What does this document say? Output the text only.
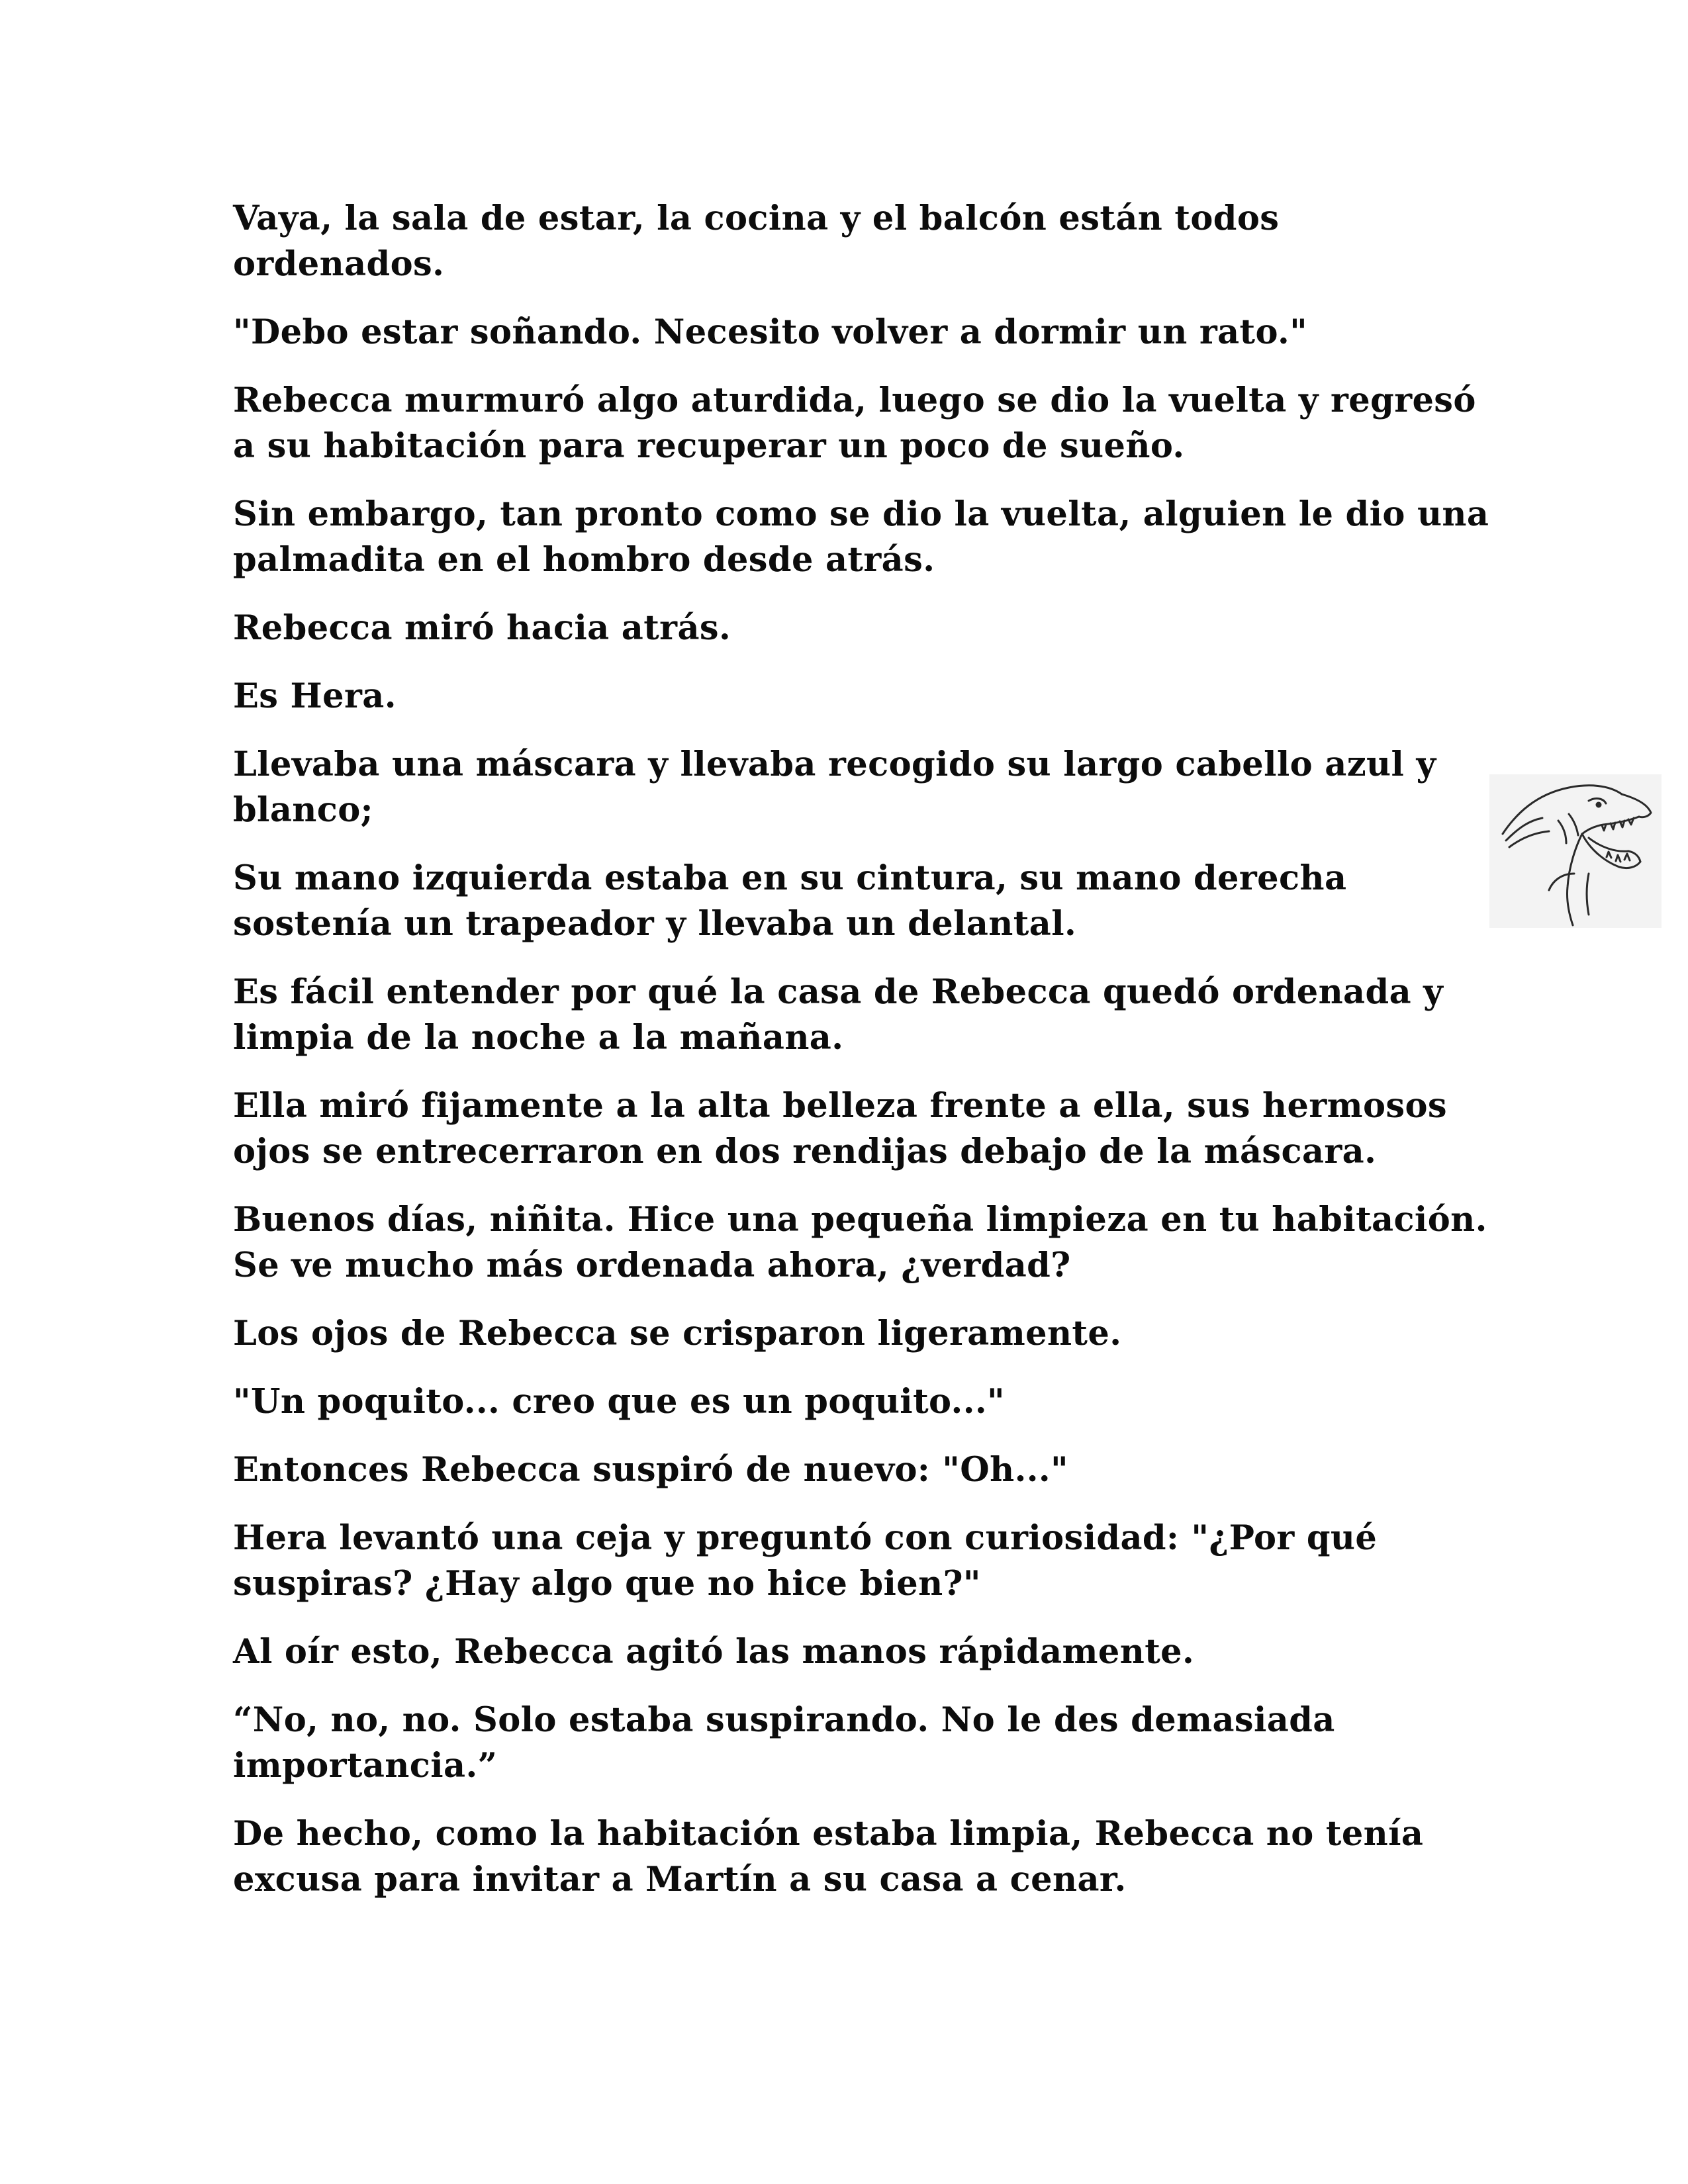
Vaya, la sala de estar, la cocina y el balcón están todos ordenados.

"Debo estar soñando. Necesito volver a dormir un rato."

Rebecca murmuró algo aturdida, luego se dio la vuelta y regresó a su habitación para recuperar un poco de sueño.

Sin embargo, tan pronto como se dio la vuelta, alguien le dio una palmadita en el hombro desde atrás.

Rebecca miró hacia atrás.

Es Hera.

Llevaba una máscara y llevaba recogido su largo cabello azul y blanco;

Su mano izquierda estaba en su cintura, su mano derecha sostenía un trapeador y llevaba un delantal.

Es fácil entender por qué la casa de Rebecca quedó ordenada y limpia de la noche a la mañana.

Ella miró fijamente a la alta belleza frente a ella, sus hermosos ojos se entrecerraron en dos rendijas debajo de la máscara.

Buenos días, niñita. Hice una pequeña limpieza en tu habitación. Se ve mucho más ordenada ahora, ¿verdad?

Los ojos de Rebecca se crisparon ligeramente.

"Un poquito... creo que es un poquito..."

Entonces Rebecca suspiró de nuevo: "Oh..."

Hera levantó una ceja y preguntó con curiosidad: "¿Por qué suspiras? ¿Hay algo que no hice bien?"

Al oír esto, Rebecca agitó las manos rápidamente.

“No, no, no. Solo estaba suspirando. No le des demasiada importancia.”

De hecho, como la habitación estaba limpia, Rebecca no tenía excusa para invitar a Martín a su casa a cenar.
